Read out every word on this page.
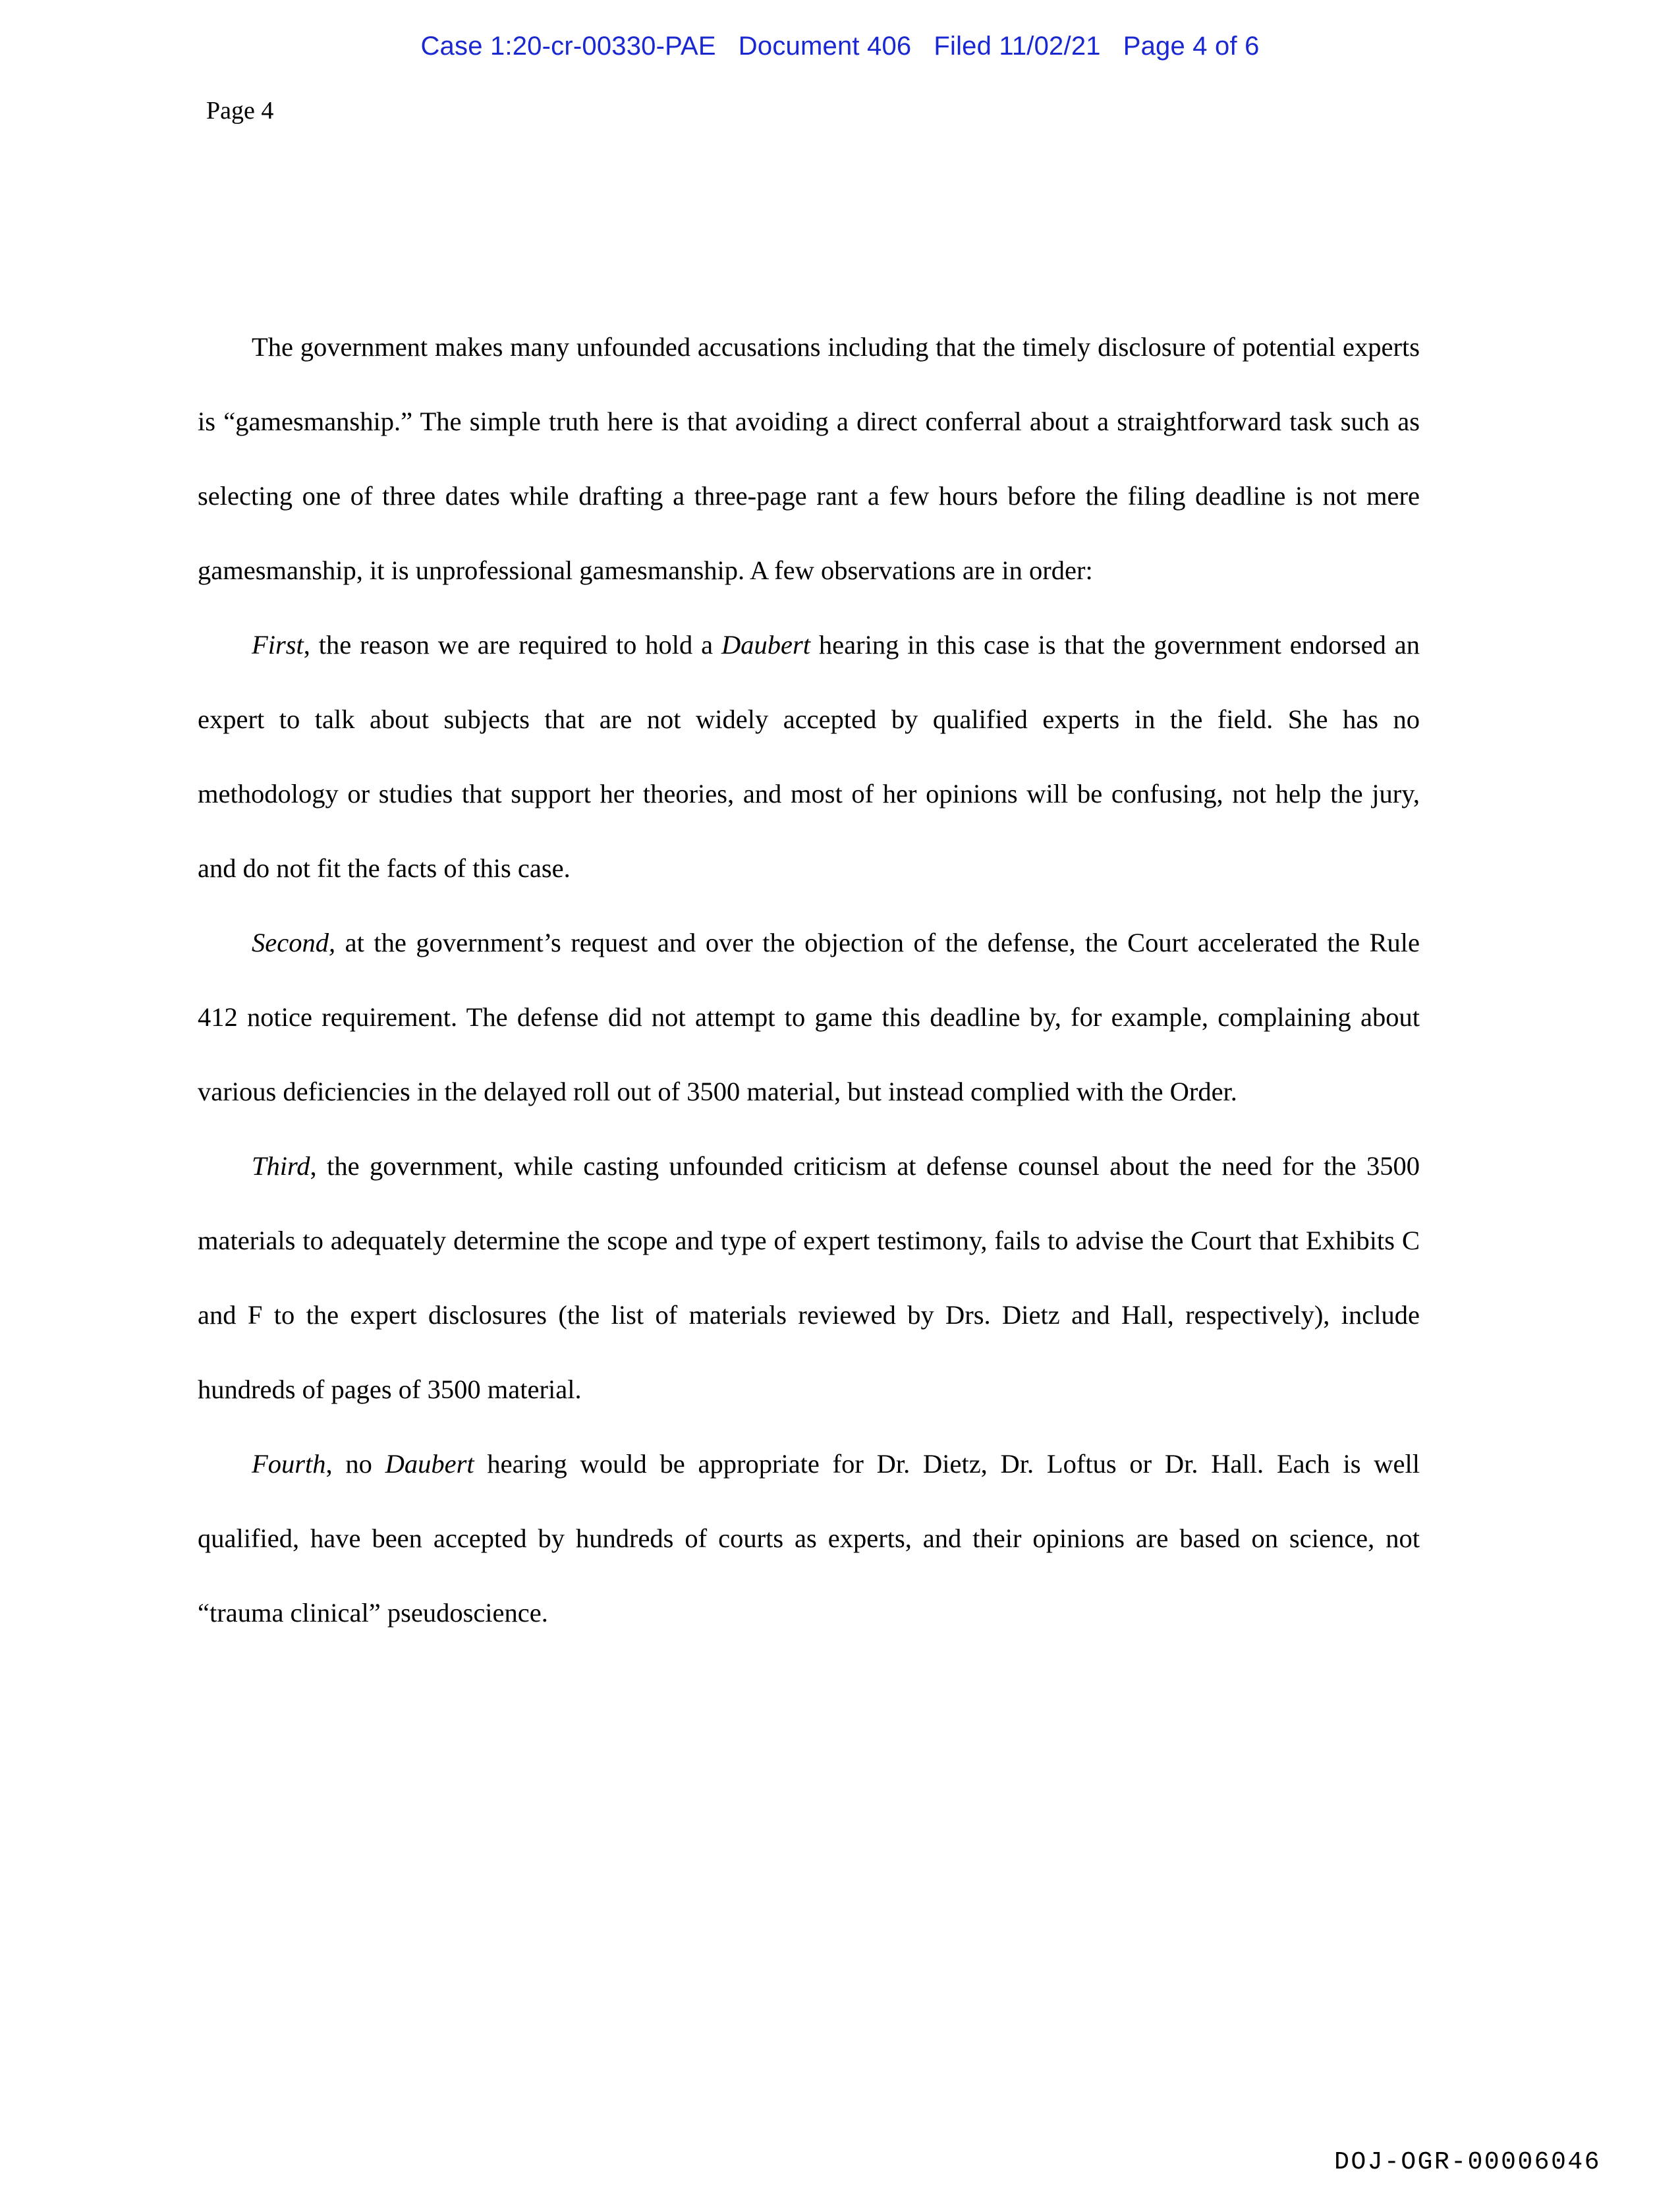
Case 1:20-cr-00330-PAE Document 406 Filed 11/02/21 Page 4 of 6
Page 4

The government makes many unfounded accusations including that the timely disclosure of potential experts is “gamesmanship.” The simple truth here is that avoiding a direct conferral about a straightforward task such as selecting one of three dates while drafting a three-page rant a few hours before the filing deadline is not mere gamesmanship, it is unprofessional gamesmanship. A few observations are in order:

First, the reason we are required to hold a Daubert hearing in this case is that the government endorsed an expert to talk about subjects that are not widely accepted by qualified experts in the field. She has no methodology or studies that support her theories, and most of her opinions will be confusing, not help the jury, and do not fit the facts of this case.

Second, at the government’s request and over the objection of the defense, the Court accelerated the Rule 412 notice requirement. The defense did not attempt to game this deadline by, for example, complaining about various deficiencies in the delayed roll out of 3500 material, but instead complied with the Order.

Third, the government, while casting unfounded criticism at defense counsel about the need for the 3500 materials to adequately determine the scope and type of expert testimony, fails to advise the Court that Exhibits C and F to the expert disclosures (the list of materials reviewed by Drs. Dietz and Hall, respectively), include hundreds of pages of 3500 material.

Fourth, no Daubert hearing would be appropriate for Dr. Dietz, Dr. Loftus or Dr. Hall. Each is well qualified, have been accepted by hundreds of courts as experts, and their opinions are based on science, not “trauma clinical” pseudoscience.

DOJ-OGR-00006046
